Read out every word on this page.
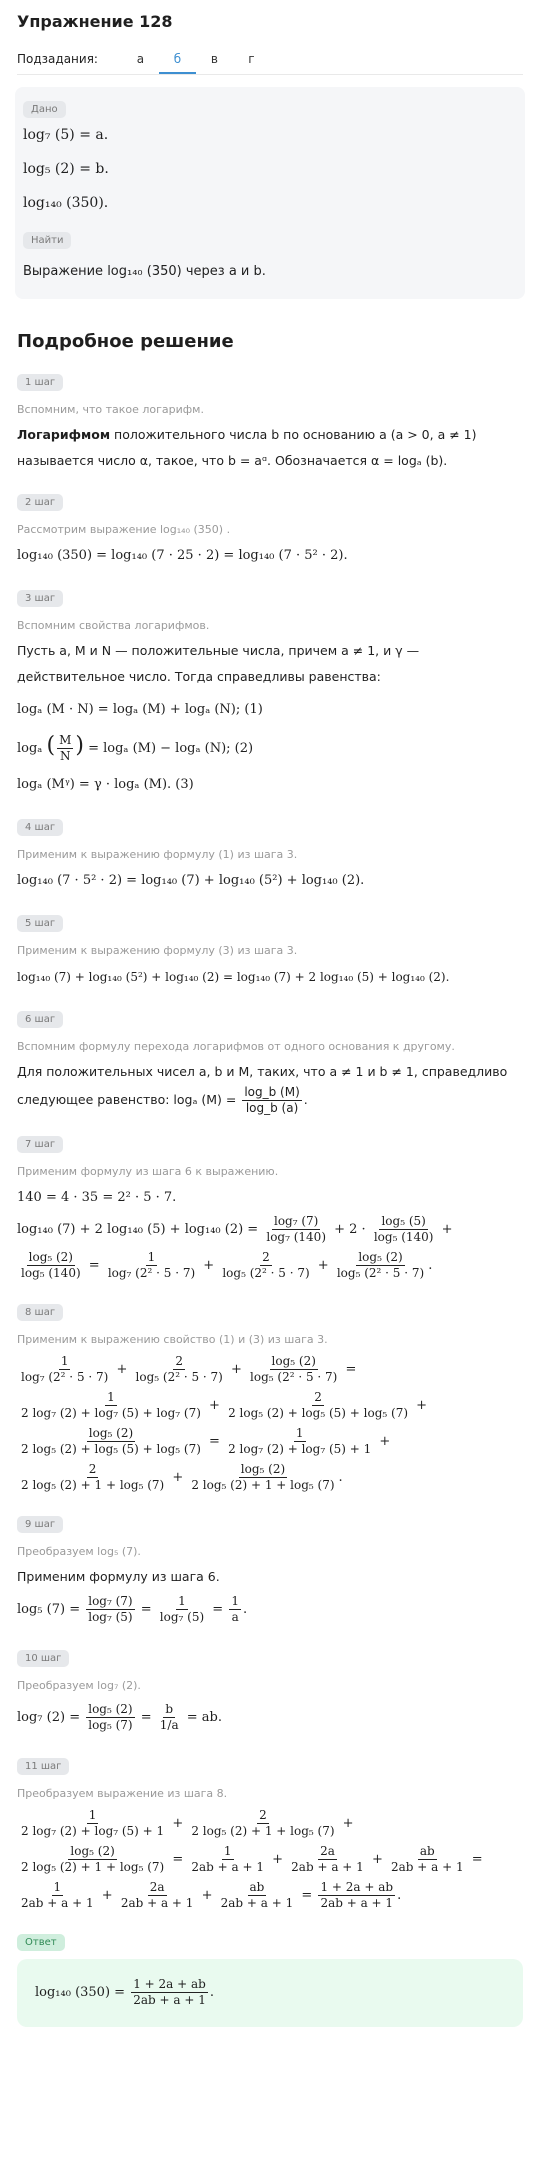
Упражнение 128
Подзадания:	а	б	в	г
Дано
log₇ (5) = a.
log₅ (2) = b.
log₁₄₀ (350).
Найти
Выражение log₁₄₀ (350) через a и b.
Подробное решение
1 шаг
Вспомним, что такое логарифм.
Логарифмом положительного числа b по основанию a (a > 0, a ≠ 1)
называется число α, такое, что b = aᵅ. Обозначается α = logₐ (b).
2 шаг
Рассмотрим выражение log₁₄₀ (350) .
log₁₄₀ (350) = log₁₄₀ (7 · 25 · 2) = log₁₄₀ (7 · 5² · 2).
3 шаг
Вспомним свойства логарифмов.
Пусть a, M и N — положительные числа, причем a ≠ 1, и γ —
действительное число. Тогда справедливы равенства:
logₐ (M · N) = logₐ (M) + logₐ (N); (1)
logₐ ( $\frac{M}{N}$ ) = logₐ (M) − logₐ (N); (2)
logₐ (Mᵞ) = γ · logₐ (M). (3)
4 шаг
Применим к выражению формулу (1) из шага 3.
log₁₄₀ (7 · 5² · 2) = log₁₄₀ (7) + log₁₄₀ (5²) + log₁₄₀ (2).
5 шаг
Применим к выражению формулу (3) из шага 3.
log₁₄₀ (7) + log₁₄₀ (5²) + log₁₄₀ (2) = log₁₄₀ (7) + 2 log₁₄₀ (5) + log₁₄₀ (2).
6 шаг
Вспомним формулу перехода логарифмов от одного основания к другому.
Для положительных чисел a, b и M, таких, что a ≠ 1 и b ≠ 1, справедливо
следующее равенство: logₐ $(M) = \frac{\log\_b (M)}{\log\_b (a)}$ .
7 шаг
Применим формулу из шага 6 к выражению.
140 = 4 · 35 = 2² · 5 · 7.
log₁₄₀ (7) + 2 log₁₄₀ (5) + log₁₄₀ $(2) = \frac{\text{log₇ (7)}}{\text{log₇ (140)}} + 2 \cdot \frac{\text{log₅ (5)}}{\text{log₅ (140)}}$ +
$\frac{\text{log₅ (2)}}{\text{log₅ (140)}} = \frac{1}{\text{log₇ (2² · 5 · 7)}} + \frac{2}{\text{log₅ (2² · 5 · 7)}} + \frac{\text{log₅ (2)}}{\text{log₅ (2² · 5 · 7)}}$ .
8 шаг
Применим к выражению свойство (1) и (3) из шага 3.
$\frac{1}{\text{log₇ (2² · 5 · 7)}} + \frac{2}{\text{log₅ (2² · 5 · 7)}} + \frac{\text{log₅ (2)}}{\text{log₅ (2² · 5 · 7)}}$ =
$\frac{1}{\text{2 log₇ (2) + log₇ (5) + log₇ (7)}} + \frac{2}{\text{2 log₅ (2) + log₅ (5) + log₅ (7)}}$ +
$\frac{\text{log₅ (2)}}{\text{2 log₅ (2) + log₅ (5) + log₅ (7)}} = \frac{1}{\text{2 log₇ (2) + log₇ (5) + 1}}$ +
$\frac{2}{\text{2 log₅ (2) + 1 + log₅ (7)}} + \frac{\text{log₅ (2)}}{\text{2 log₅ (2) + 1 + log₅ (7)}}$ .
9 шаг
Преобразуем log₅ (7).
Применим формулу из шага 6.
log₅ $(7) = \frac{\text{log₇ (7)}}{\text{log₇ (5)}} = \frac{1}{\text{log₇ (5)}} = \frac{1}{a}$ .
10 шаг
Преобразуем log₇ (2).
log₇ $(2) = \frac{\text{log₅ (2)}}{\text{log₅ (7)}} = \frac{b}{1/a}$ = ab.
11 шаг
Преобразуем выражение из шага 8.
$\frac{1}{\text{2 log₇ (2) + log₇ (5) + 1}} + \frac{2}{\text{2 log₅ (2) + 1 + log₅ (7)}}$ +
$\frac{\text{log₅ (2)}}{\text{2 log₅ (2) + 1 + log₅ (7)}} = \frac{1}{2ab + a + 1} + \frac{2a}{2ab + a + 1} + \frac{ab}{2ab + a + 1}$ =
$\frac{1}{2ab + a + 1} + \frac{2a}{2ab + a + 1} + \frac{ab}{2ab + a + 1} = \frac{1 + 2a + ab}{2ab + a + 1}$ .
Ответ
log₁₄₀ $(350) = \frac{1 + 2a + ab}{2ab + a + 1}$ .
